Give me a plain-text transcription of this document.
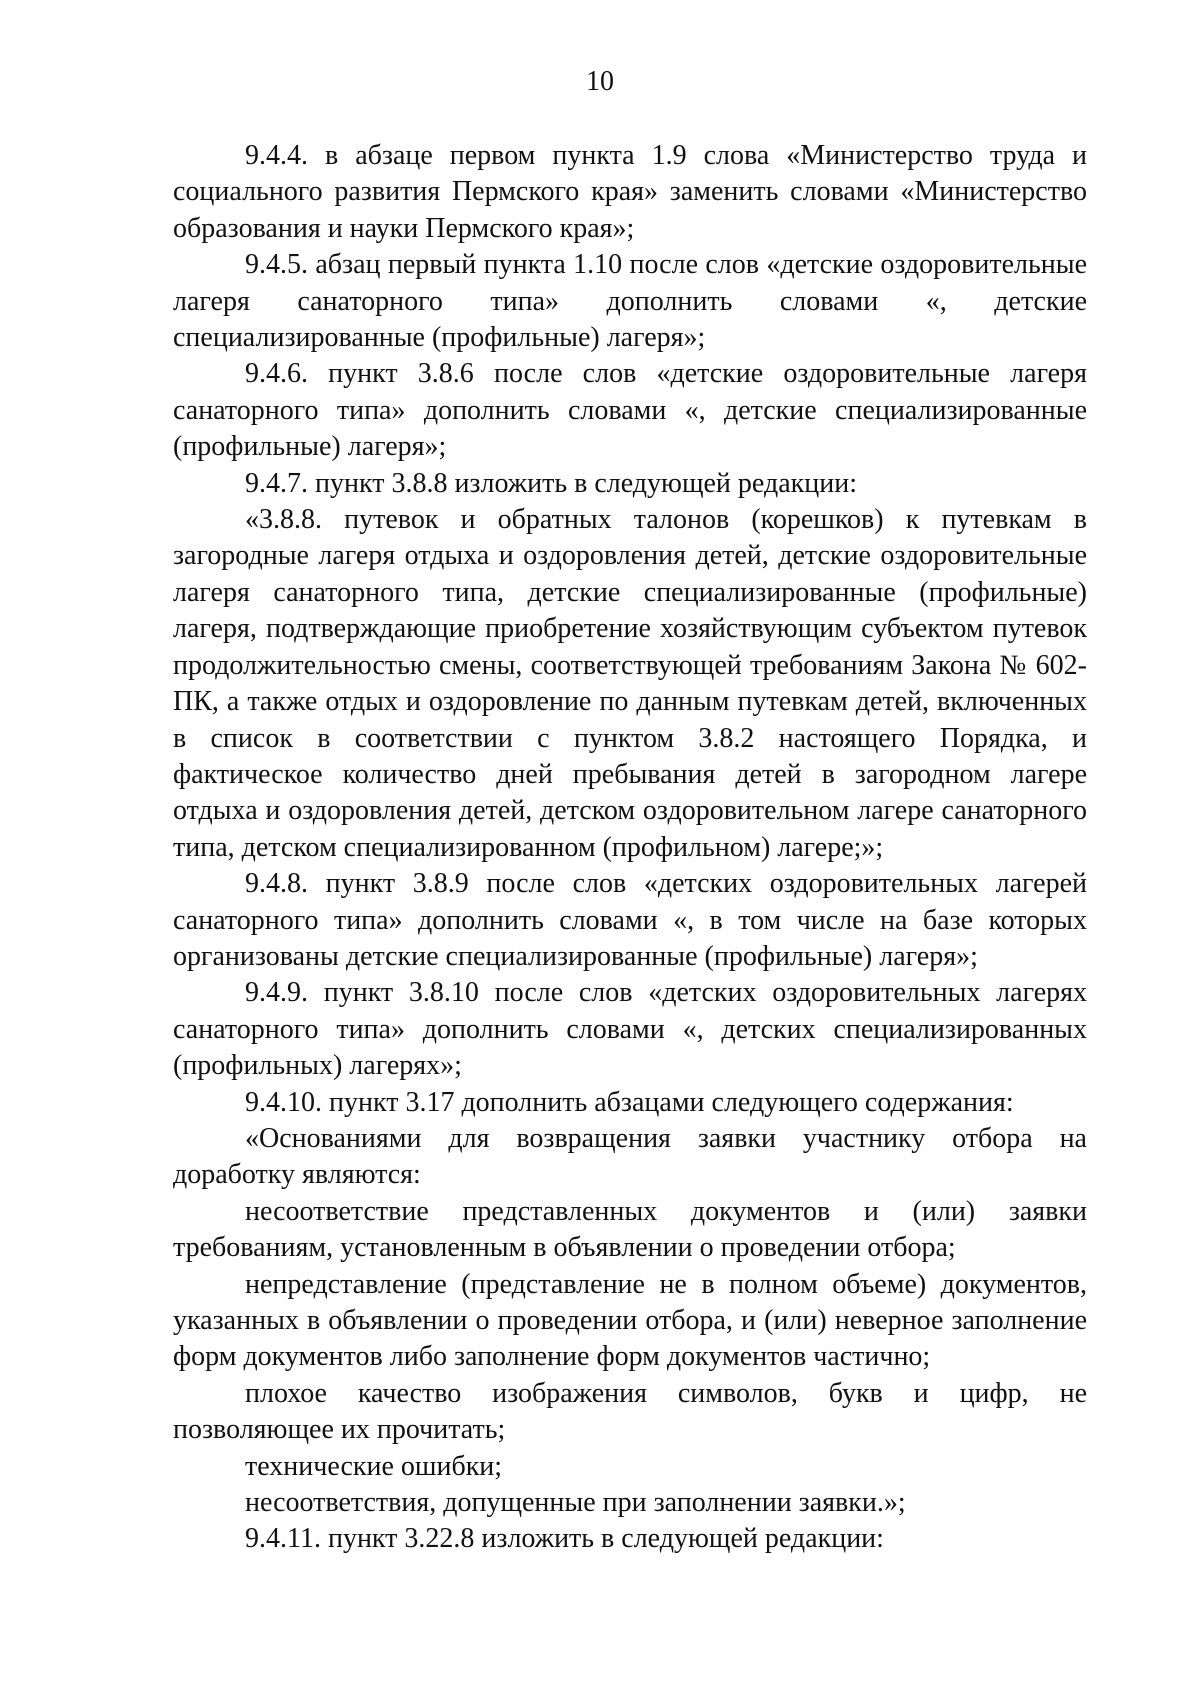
10

9.4.4. в абзаце первом пункта 1.9 слова «Министерство труда и социального развития Пермского края» заменить словами «Министерство образования и науки Пермского края»;

9.4.5. абзац первый пункта 1.10 после слов «детские оздоровительные лагеря санаторного типа» дополнить словами «, детские специализированные (профильные) лагеря»;

9.4.6. пункт 3.8.6 после слов «детские оздоровительные лагеря санаторного типа» дополнить словами «, детские специализированные (профильные) лагеря»;

9.4.7. пункт 3.8.8 изложить в следующей редакции:

«3.8.8. путевок и обратных талонов (корешков) к путевкам в загородные лагеря отдыха и оздоровления детей, детские оздоровительные лагеря санаторного типа, детские специализированные (профильные) лагеря, подтверждающие приобретение хозяйствующим субъектом путевок продолжительностью смены, соответствующей требованиям Закона № 602-ПК, а также отдых и оздоровление по данным путевкам детей, включенных в список в соответствии с пунктом 3.8.2 настоящего Порядка, и фактическое количество дней пребывания детей в загородном лагере отдыха и оздоровления детей, детском оздоровительном лагере санаторного типа, детском специализированном (профильном) лагере;»;

9.4.8. пункт 3.8.9 после слов «детских оздоровительных лагерей санаторного типа» дополнить словами «, в том числе на базе которых организованы детские специализированные (профильные) лагеря»;

9.4.9. пункт 3.8.10 после слов «детских оздоровительных лагерях санаторного типа» дополнить словами «, детских специализированных (профильных) лагерях»;

9.4.10. пункт 3.17 дополнить абзацами следующего содержания:

«Основаниями для возвращения заявки участнику отбора на доработку являются:

несоответствие представленных документов и (или) заявки требованиям, установленным в объявлении о проведении отбора;

непредставление (представление не в полном объеме) документов, указанных в объявлении о проведении отбора, и (или) неверное заполнение форм документов либо заполнение форм документов частично;

плохое качество изображения символов, букв и цифр, не позволяющее их прочитать;

технические ошибки;

несоответствия, допущенные при заполнении заявки.»;

9.4.11. пункт 3.22.8 изложить в следующей редакции:
